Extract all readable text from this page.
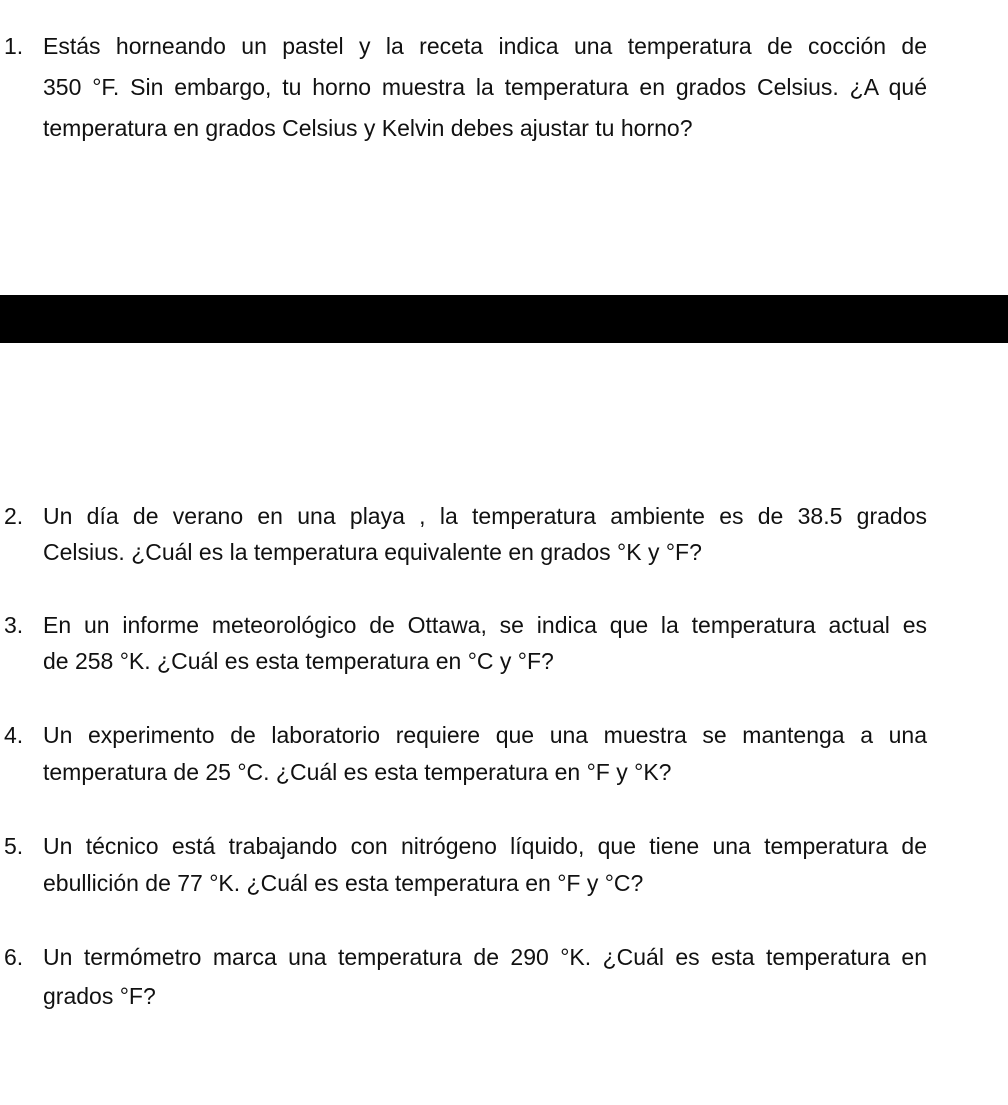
1. Estás horneando un pastel y la receta indica una temperatura de cocción de
350 °F. Sin embargo, tu horno muestra la temperatura en grados Celsius. ¿A qué
temperatura en grados Celsius y Kelvin debes ajustar tu horno?
2. Un día de verano en una playa , la temperatura ambiente es de 38.5 grados
Celsius. ¿Cuál es la temperatura equivalente en grados °K y °F?
3. En un informe meteorológico de Ottawa, se indica que la temperatura actual es
de 258 °K. ¿Cuál es esta temperatura en °C y °F?
4. Un experimento de laboratorio requiere que una muestra se mantenga a una
temperatura de 25 °C. ¿Cuál es esta temperatura en °F y °K?
5. Un técnico está trabajando con nitrógeno líquido, que tiene una temperatura de
ebullición de 77 °K. ¿Cuál es esta temperatura en °F y °C?
6. Un termómetro marca una temperatura de 290 °K. ¿Cuál es esta temperatura en
grados °F?
